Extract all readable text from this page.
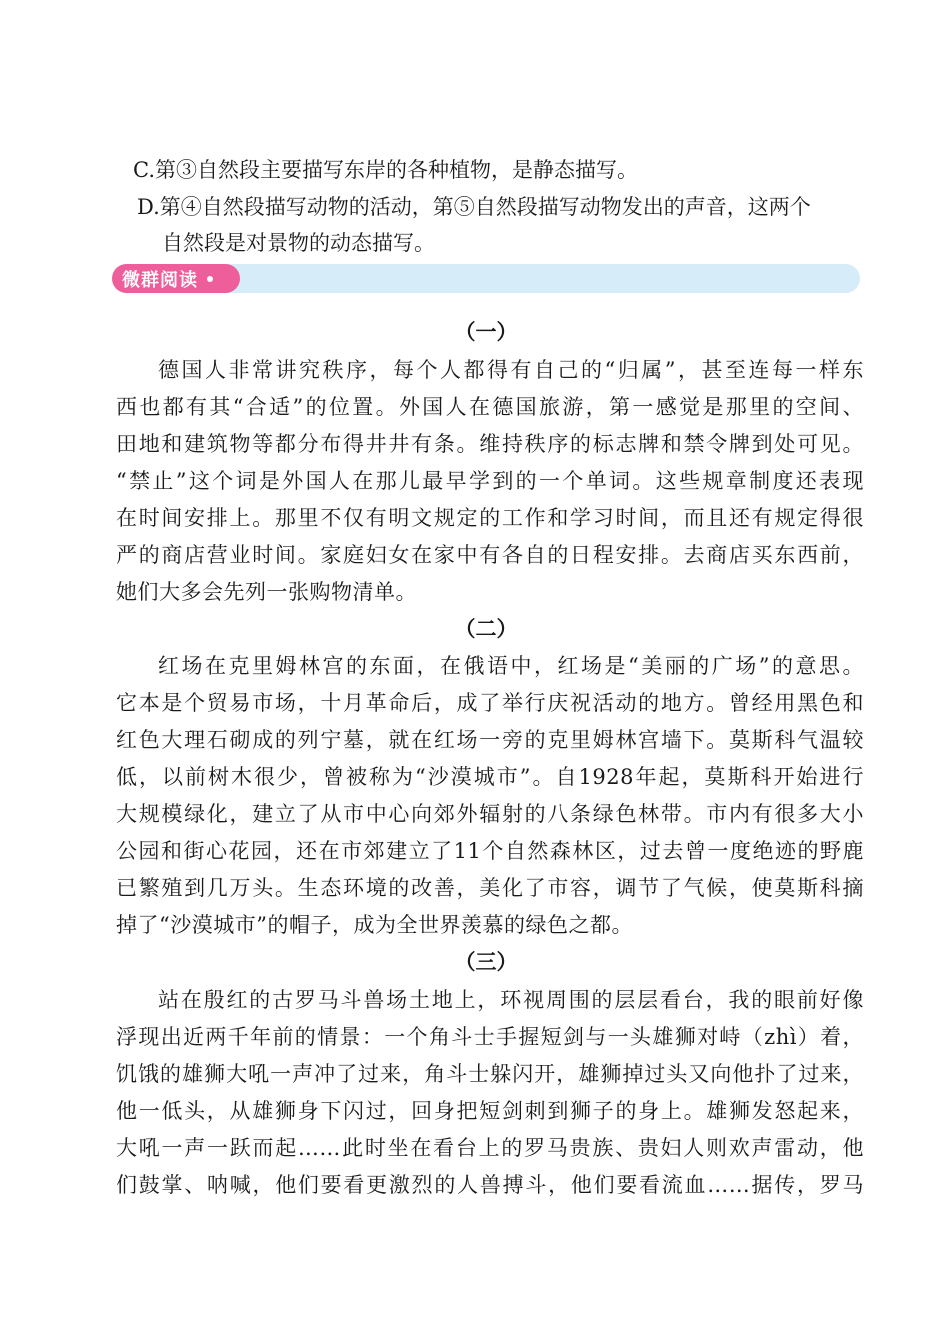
C.第③自然段主要描写东岸的各种植物，是静态描写。
D.第④自然段描写动物的活动，第⑤自然段描写动物发出的声音，这两个
自然段是对景物的动态描写。
微群阅读
（一）
德国人非常讲究秩序，每个人都得有自己的“归属”，甚至连每一样东
西也都有其“合适”的位置。外国人在德国旅游，第一感觉是那里的空间、
田地和建筑物等都分布得井井有条。维持秩序的标志牌和禁令牌到处可见。
“禁止”这个词是外国人在那儿最早学到的一个单词。这些规章制度还表现
在时间安排上。那里不仅有明文规定的工作和学习时间，而且还有规定得很
严的商店营业时间。家庭妇女在家中有各自的日程安排。去商店买东西前，
她们大多会先列一张购物清单。
（二）
红场在克里姆林宫的东面，在俄语中，红场是“美丽的广场”的意思。
它本是个贸易市场，十月革命后，成了举行庆祝活动的地方。曾经用黑色和
红色大理石砌成的列宁墓，就在红场一旁的克里姆林宫墙下。莫斯科气温较
低，以前树木很少，曾被称为“沙漠城市”。自1928年起，莫斯科开始进行
大规模绿化，建立了从市中心向郊外辐射的八条绿色林带。市内有很多大小
公园和街心花园，还在市郊建立了11个自然森林区，过去曾一度绝迹的野鹿
已繁殖到几万头。生态环境的改善，美化了市容，调节了气候，使莫斯科摘
掉了“沙漠城市”的帽子，成为全世界羡慕的绿色之都。
（三）
站在殷红的古罗马斗兽场土地上，环视周围的层层看台，我的眼前好像
浮现出近两千年前的情景：一个角斗士手握短剑与一头雄狮对峙（zhì）着，
饥饿的雄狮大吼一声冲了过来，角斗士躲闪开，雄狮掉过头又向他扑了过来，
他一低头，从雄狮身下闪过，回身把短剑刺到狮子的身上。雄狮发怒起来，
大吼一声一跃而起……此时坐在看台上的罗马贵族、贵妇人则欢声雷动，他
们鼓掌、呐喊，他们要看更激烈的人兽搏斗，他们要看流血……据传，罗马
